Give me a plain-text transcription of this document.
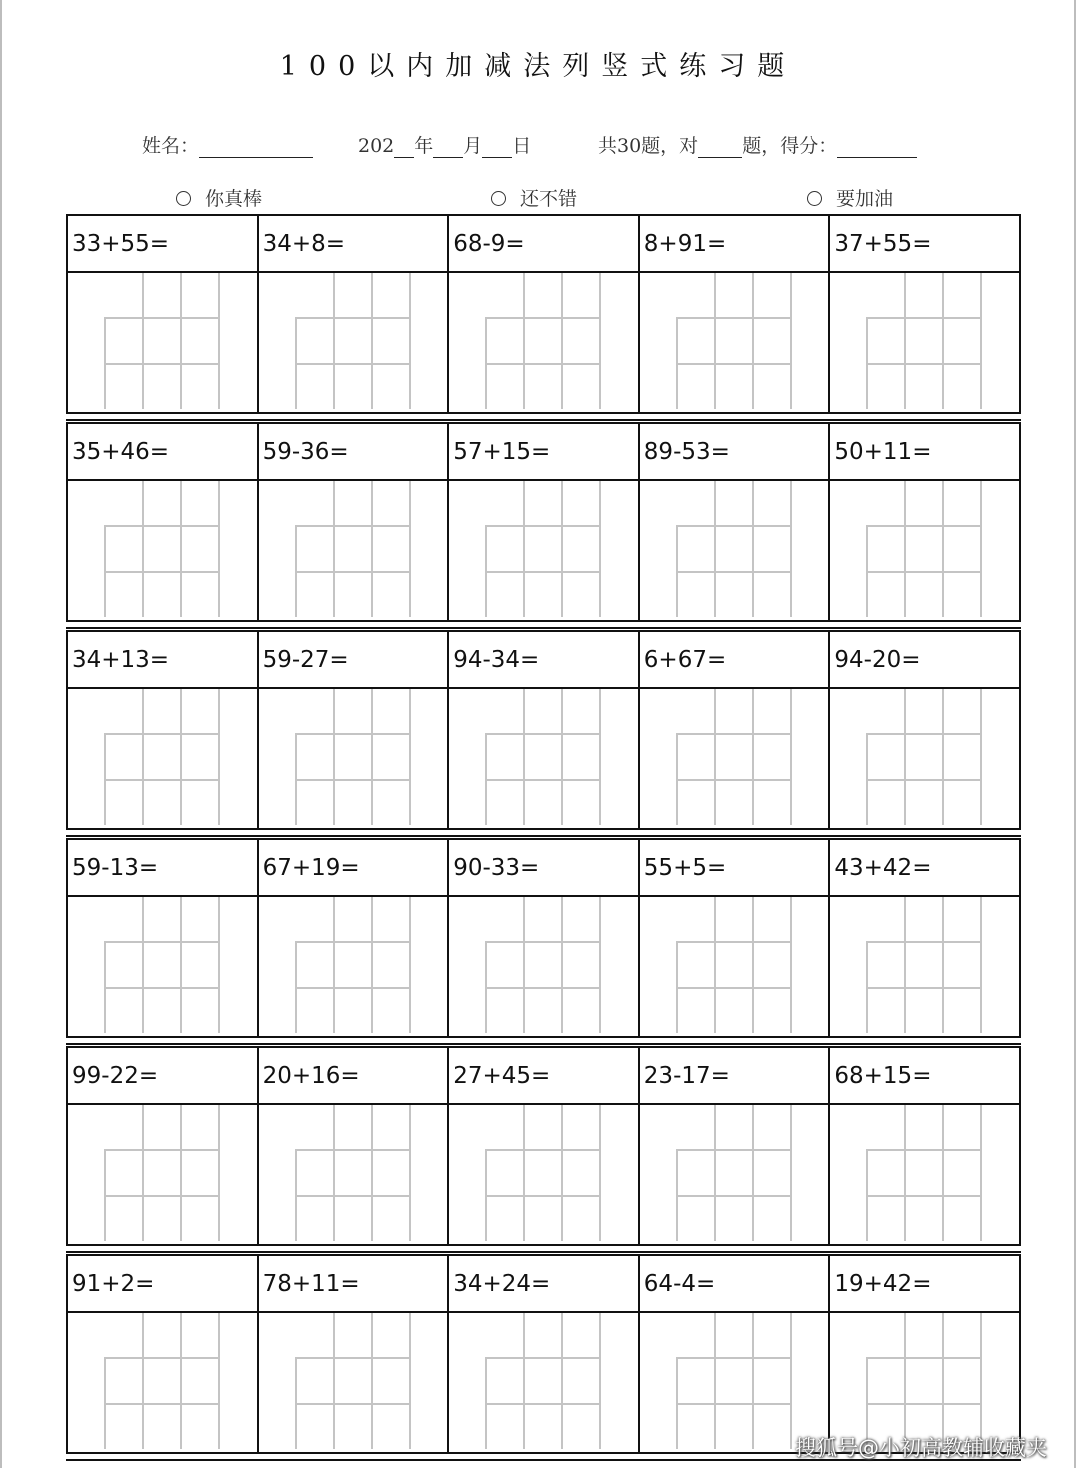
100以内加减法列竖式练习题
姓名：	202 年 月 日	共30题，对 题，得分：
你真棒	还不错	要加油
33+55=	34+8=	68-9=	8+91=	37+55=
35+46=	59-36=	57+15=	89-53=	50+11=
34+13=	59-27=	94-34=	6+67=	94-20=
59-13=	67+19=	90-33=	55+5=	43+42=
99-22=	20+16=	27+45=	23-17=	68+15=
91+2=	78+11=	34+24=	64-4=	19+42=
搜狐号@小初高教辅收藏夹
